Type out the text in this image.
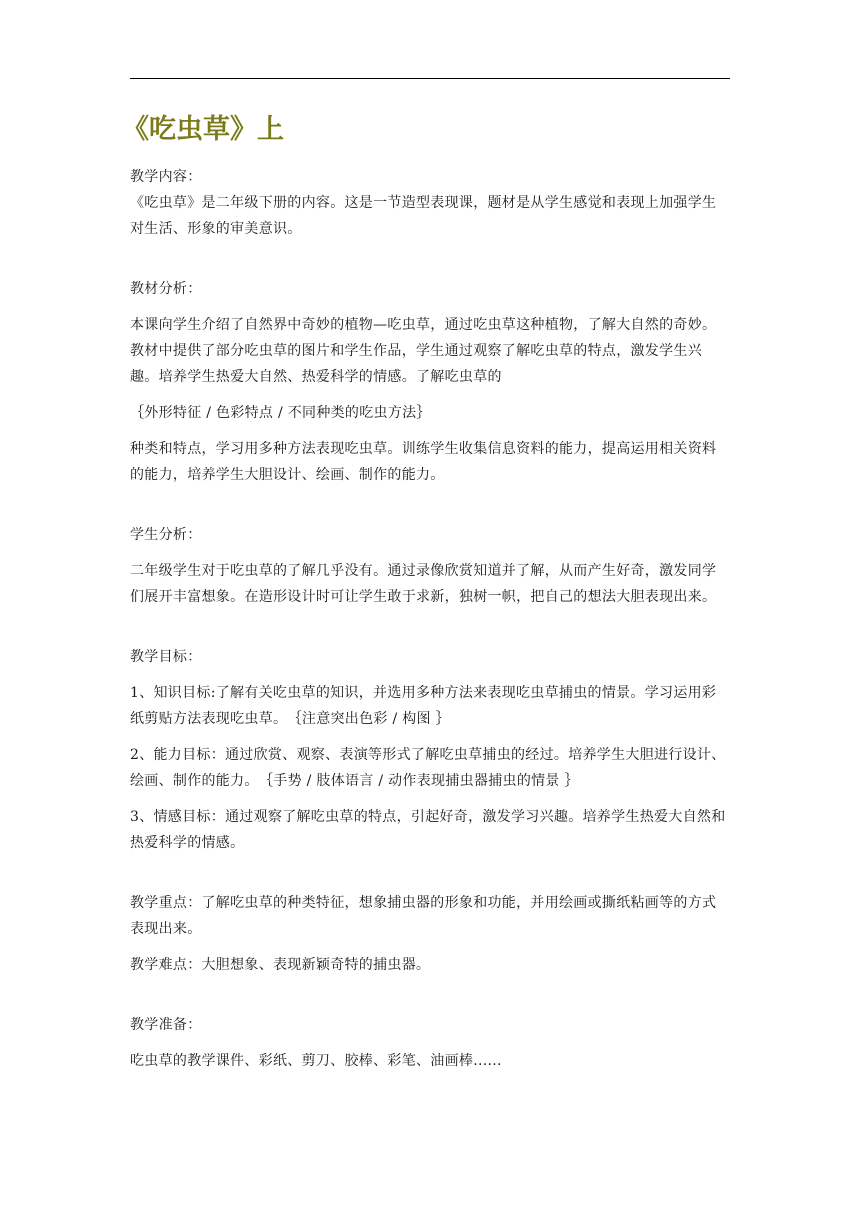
《吃虫草》上

教学内容：

《吃虫草》是二年级下册的内容。这是一节造型表现课，题材是从学生感觉和表现上加强学生对生活、形象的审美意识。

教材分析：

本课向学生介绍了自然界中奇妙的植物—吃虫草，通过吃虫草这种植物，了解大自然的奇妙。教材中提供了部分吃虫草的图片和学生作品，学生通过观察了解吃虫草的特点，激发学生兴趣。培养学生热爱大自然、热爱科学的情感。了解吃虫草的

｛外形特征 / 色彩特点 / 不同种类的吃虫方法｝

种类和特点，学习用多种方法表现吃虫草。训练学生收集信息资料的能力，提高运用相关资料的能力，培养学生大胆设计、绘画、制作的能力。

学生分析：

二年级学生对于吃虫草的了解几乎没有。通过录像欣赏知道并了解，从而产生好奇，激发同学们展开丰富想象。在造形设计时可让学生敢于求新，独树一帜，把自己的想法大胆表现出来。

教学目标：

1、知识目标:了解有关吃虫草的知识，并选用多种方法来表现吃虫草捕虫的情景。学习运用彩纸剪贴方法表现吃虫草。　｛注意突出色彩 / 构图 ｝

2、能力目标：通过欣赏、观察、表演等形式了解吃虫草捕虫的经过。培养学生大胆进行设计、绘画、制作的能力。　｛手势 / 肢体语言 / 动作表现捕虫器捕虫的情景 ｝

3、情感目标：通过观察了解吃虫草的特点，引起好奇，激发学习兴趣。培养学生热爱大自然和热爱科学的情感。

教学重点：了解吃虫草的种类特征，想象捕虫器的形象和功能，并用绘画或撕纸粘画等的方式表现出来。

教学难点：大胆想象、表现新颖奇特的捕虫器。

教学准备：

吃虫草的教学课件、彩纸、剪刀、胶棒、彩笔、油画棒......
